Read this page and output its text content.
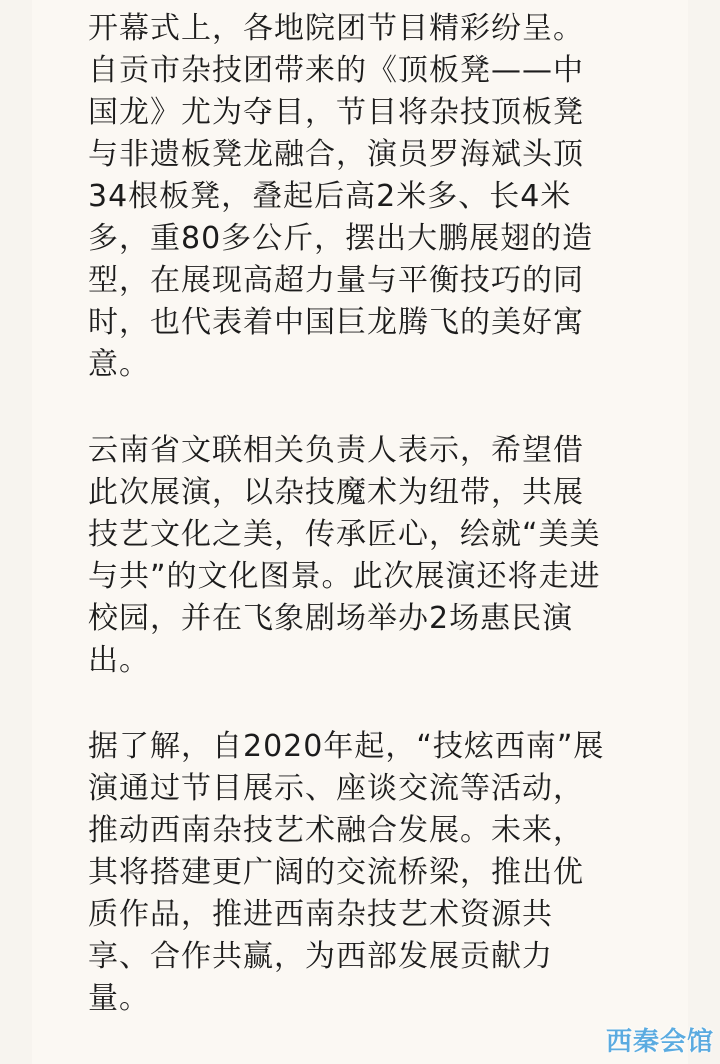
开幕式上，各地院团节目精彩纷呈。
自贡市杂技团带来的《顶板凳——中
国龙》尤为夺目，节目将杂技顶板凳
与非遗板凳龙融合，演员罗海斌头顶
34根板凳，叠起后高2米多、长4米
多，重80多公斤，摆出大鹏展翅的造
型，在展现高超力量与平衡技巧的同
时，也代表着中国巨龙腾飞的美好寓
意。

云南省文联相关负责人表示，希望借
此次展演，以杂技魔术为纽带，共展
技艺文化之美，传承匠心，绘就“美美
与共”的文化图景。此次展演还将走进
校园，并在飞象剧场举办2场惠民演
出。

据了解，自2020年起，“技炫西南”展
演通过节目展示、座谈交流等活动，
推动西南杂技艺术融合发展。未来，
其将搭建更广阔的交流桥梁，推出优
质作品，推进西南杂技艺术资源共
享、合作共赢，为西部发展贡献力
量。

西秦会馆
